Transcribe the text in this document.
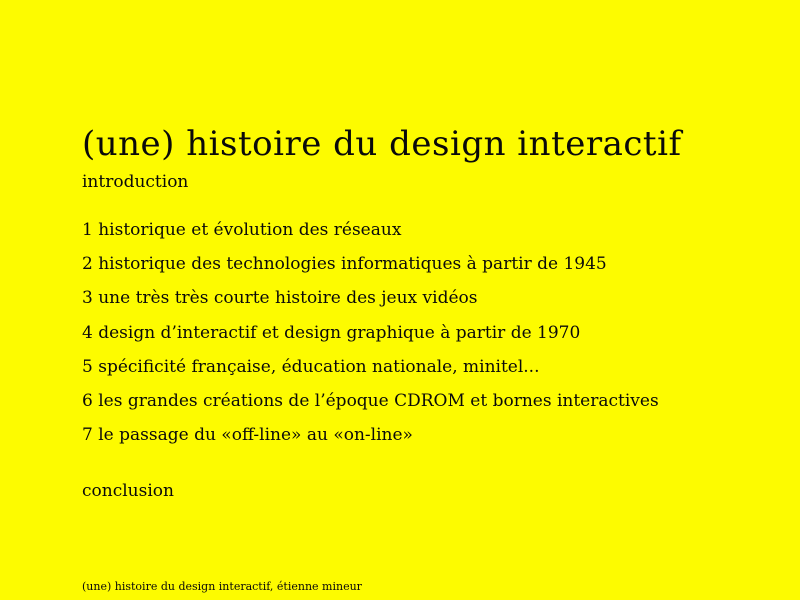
(une) histoire du design interactif
introduction
1 historique et évolution des réseaux
2 historique des technologies informatiques à partir de 1945
3 une très très courte histoire des jeux vidéos
4 design d’interactif et design graphique à partir de 1970
5 spécificité française, éducation nationale, minitel...
6 les grandes créations de l’époque CDROM et bornes interactives
7 le passage du «off-line» au «on-line»
conclusion
(une) histoire du design interactif, étienne mineur
